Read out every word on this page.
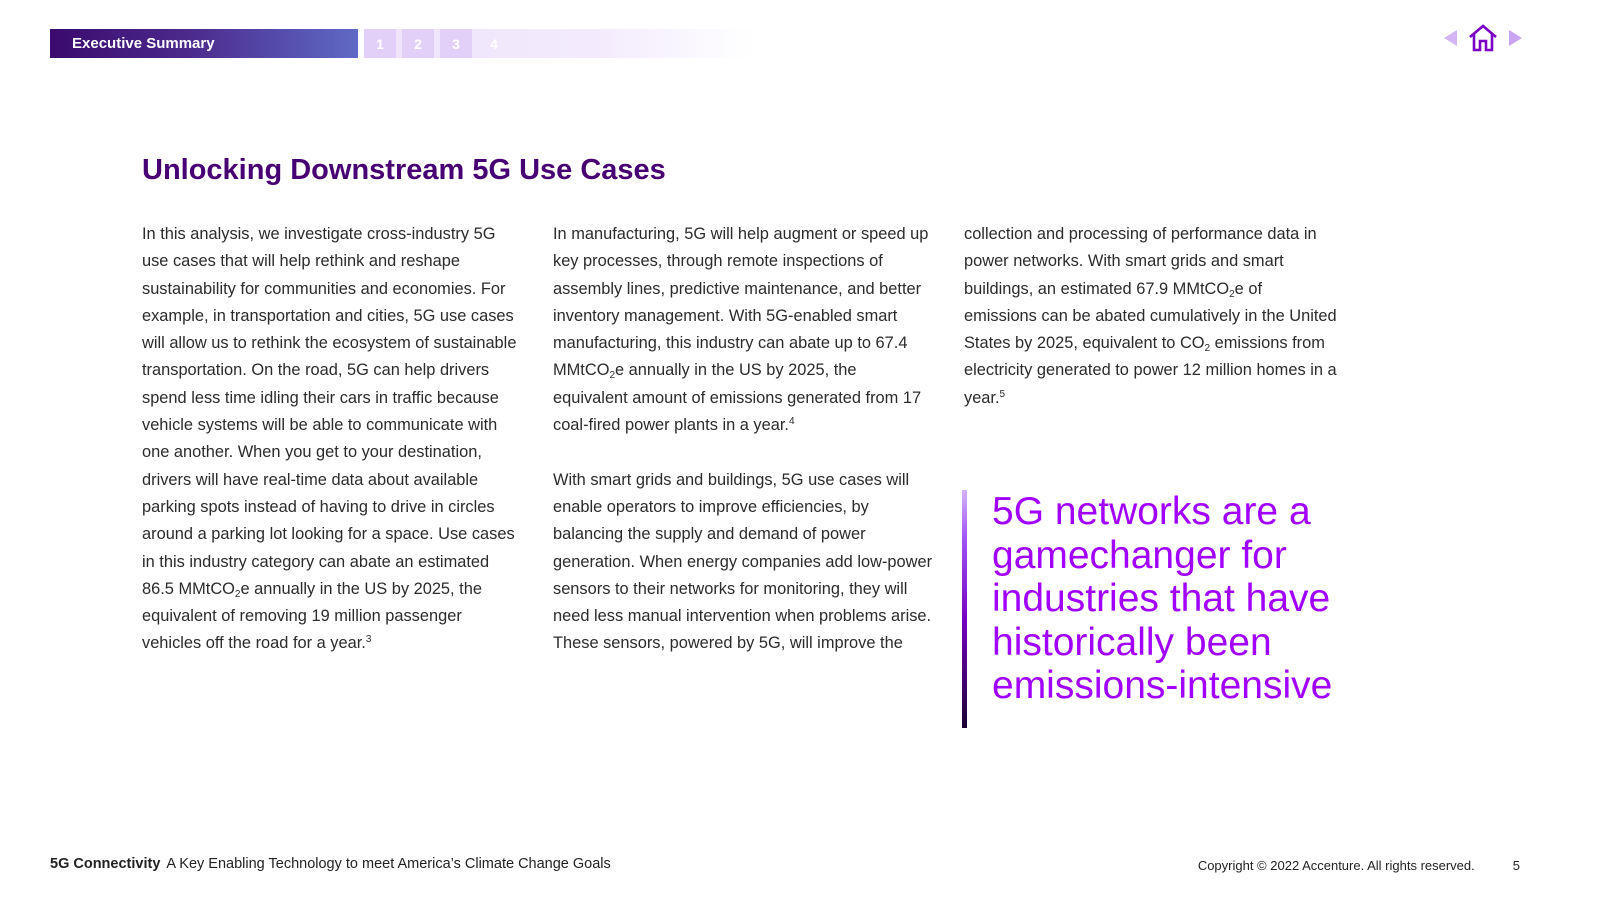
Executive Summary	1	2	3	4
Unlocking Downstream 5G Use Cases

In this analysis, we investigate cross-industry 5G use cases that will help rethink and reshape sustainability for communities and economies. For example, in transportation and cities, 5G use cases will allow us to rethink the ecosystem of sustainable transportation. On the road, 5G can help drivers spend less time idling their cars in traffic because vehicle systems will be able to communicate with one another. When you get to your destination, drivers will have real-time data about available parking spots instead of having to drive in circles around a parking lot looking for a space. Use cases in this industry category can abate an estimated 86.5 MMtCO$_2$e annually in the US by 2025, the equivalent of removing 19 million passenger vehicles off the road for a year.$^3$

In manufacturing, 5G will help augment or speed up key processes, through remote inspections of assembly lines, predictive maintenance, and better inventory management. With 5G-enabled smart manufacturing, this industry can abate up to 67.4 MMtCO$_2$e annually in the US by 2025, the equivalent amount of emissions generated from 17 coal-fired power plants in a year.$^4$

With smart grids and buildings, 5G use cases will enable operators to improve efficiencies, by balancing the supply and demand of power generation. When energy companies add low-power sensors to their networks for monitoring, they will need less manual intervention when problems arise. These sensors, powered by 5G, will improve the

collection and processing of performance data in power networks. With smart grids and smart buildings, an estimated 67.9 MMtCO$_2$e of emissions can be abated cumulatively in the United States by 2025, equivalent to $CO_2$ emissions from electricity generated to power 12 million homes in a year.$^5$

5G networks are a gamechanger for industries that have historically been emissions-intensive

5G Connectivity A Key Enabling Technology to meet America’s Climate Change Goals	Copyright © 2022 Accenture. All rights reserved.	5
